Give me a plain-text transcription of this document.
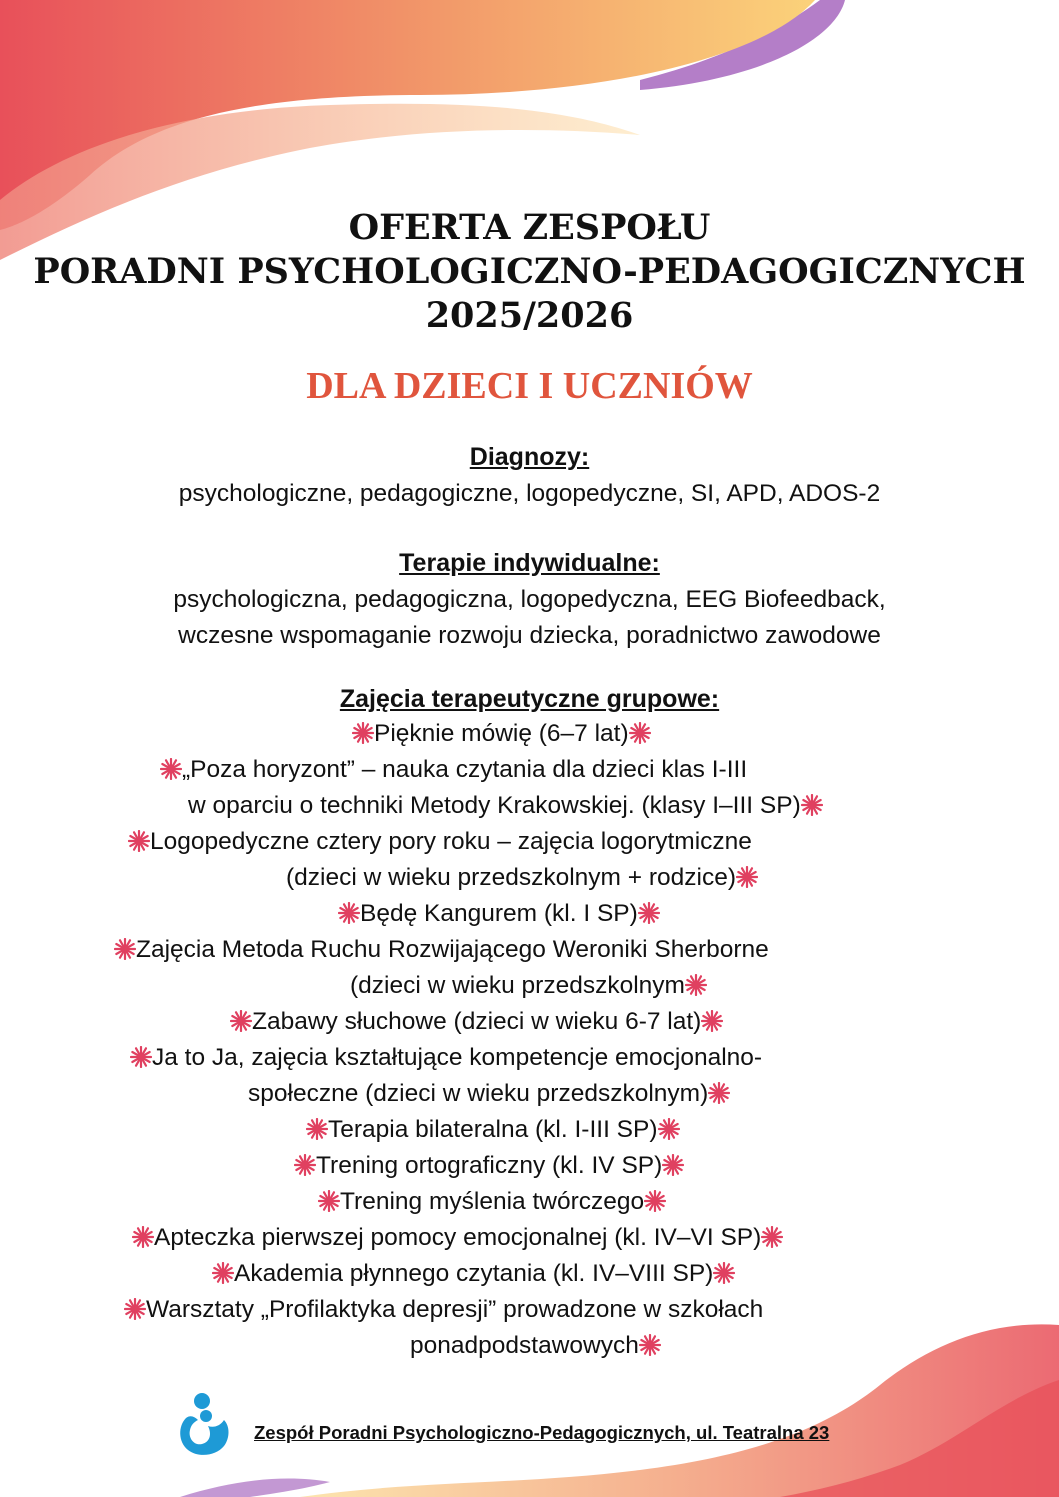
OFERTA ZESPOŁU
PORADNI PSYCHOLOGICZNO-PEDAGOGICZNYCH
2025/2026
DLA DZIECI I UCZNIÓW
Diagnozy:
psychologiczne, pedagogiczne, logopedyczne, SI, APD, ADOS-2
Terapie indywidualne:
psychologiczna, pedagogiczna, logopedyczna, EEG Biofeedback,
wczesne wspomaganie rozwoju dziecka, poradnictwo zawodowe
Zajęcia terapeutyczne grupowe:
Pięknie mówię (6–7 lat)
„Poza horyzont” – nauka czytania dla dzieci klas I-III
w oparciu o techniki Metody Krakowskiej. (klasy I–III SP)
Logopedyczne cztery pory roku – zajęcia logorytmiczne
(dzieci w wieku przedszkolnym + rodzice)
Będę Kangurem (kl. I SP)
Zajęcia Metoda Ruchu Rozwijającego Weroniki Sherborne
(dzieci w wieku przedszkolnym
Zabawy słuchowe (dzieci w wieku 6-7 lat)
Ja to Ja, zajęcia kształtujące kompetencje emocjonalno-
społeczne (dzieci w wieku przedszkolnym)
Terapia bilateralna (kl. I-III SP)
Trening ortograficzny (kl. IV SP)
Trening myślenia twórczego
Apteczka pierwszej pomocy emocjonalnej (kl. IV–VI SP)
Akademia płynnego czytania (kl. IV–VIII SP)
Warsztaty „Profilaktyka depresji” prowadzone w szkołach
ponadpodstawowych
Zespół Poradni Psychologiczno-Pedagogicznych, ul. Teatralna 23
